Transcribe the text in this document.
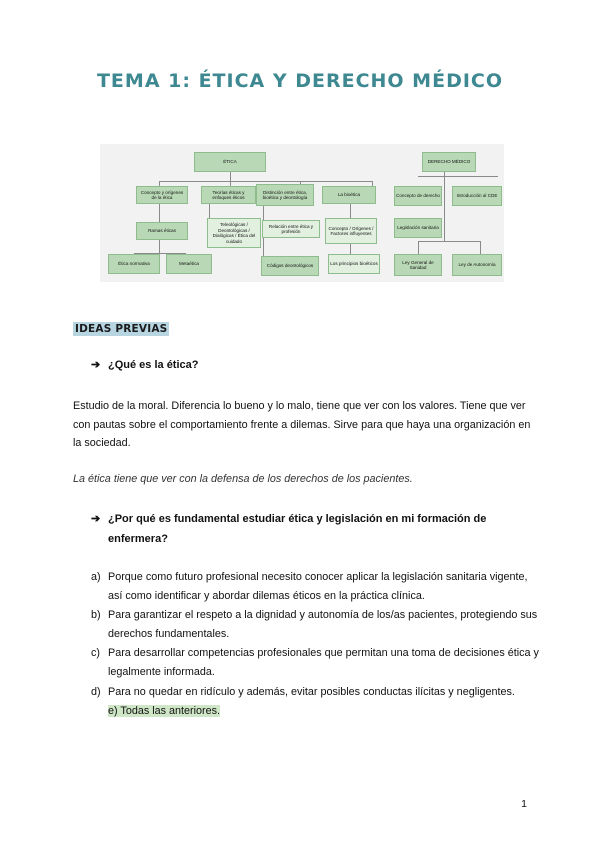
TEMA 1: ÉTICA Y DERECHO MÉDICO
ÉTICA
Concepto y orígenes de la ética
Teorías éticas y enfoques éticos
Distinción entre ética, bioética y deontología
La bioética
Ramas éticas
Teleológicas / Deontológicas / Dialógicas / Ética del cuidado
Relación entre ética y profesión
Concepto / Orígenes / Factores influyentes
Ética normativa	Metaética	Códigos deontológicos	Los principios bioéticos
DERECHO MÉDICO
Concepto de derecho	Introducción al CDE
Legislación sanitaria
Ley General de Sanidad
Ley de Autonomía
IDEAS PREVIAS
➔ ¿Qué es la ética?
Estudio de la moral. Diferencia lo bueno y lo malo, tiene que ver con los valores. Tiene que ver con pautas sobre el comportamiento frente a dilemas. Sirve para que haya una organización en la sociedad.
La ética tiene que ver con la defensa de los derechos de los pacientes.
➔ ¿Por qué es fundamental estudiar ética y legislación en mi formación de enfermera?
a) Porque como futuro profesional necesito conocer aplicar la legislación sanitaria vigente, así como identificar y abordar dilemas éticos en la práctica clínica.
b) Para garantizar el respeto a la dignidad y autonomía de los/as pacientes, protegiendo sus derechos fundamentales.
c) Para desarrollar competencias profesionales que permitan una toma de decisiones ética y legalmente informada.
d) Para no quedar en ridículo y además, evitar posibles conductas ilícitas y negligentes.
e) Todas las anteriores.
1
